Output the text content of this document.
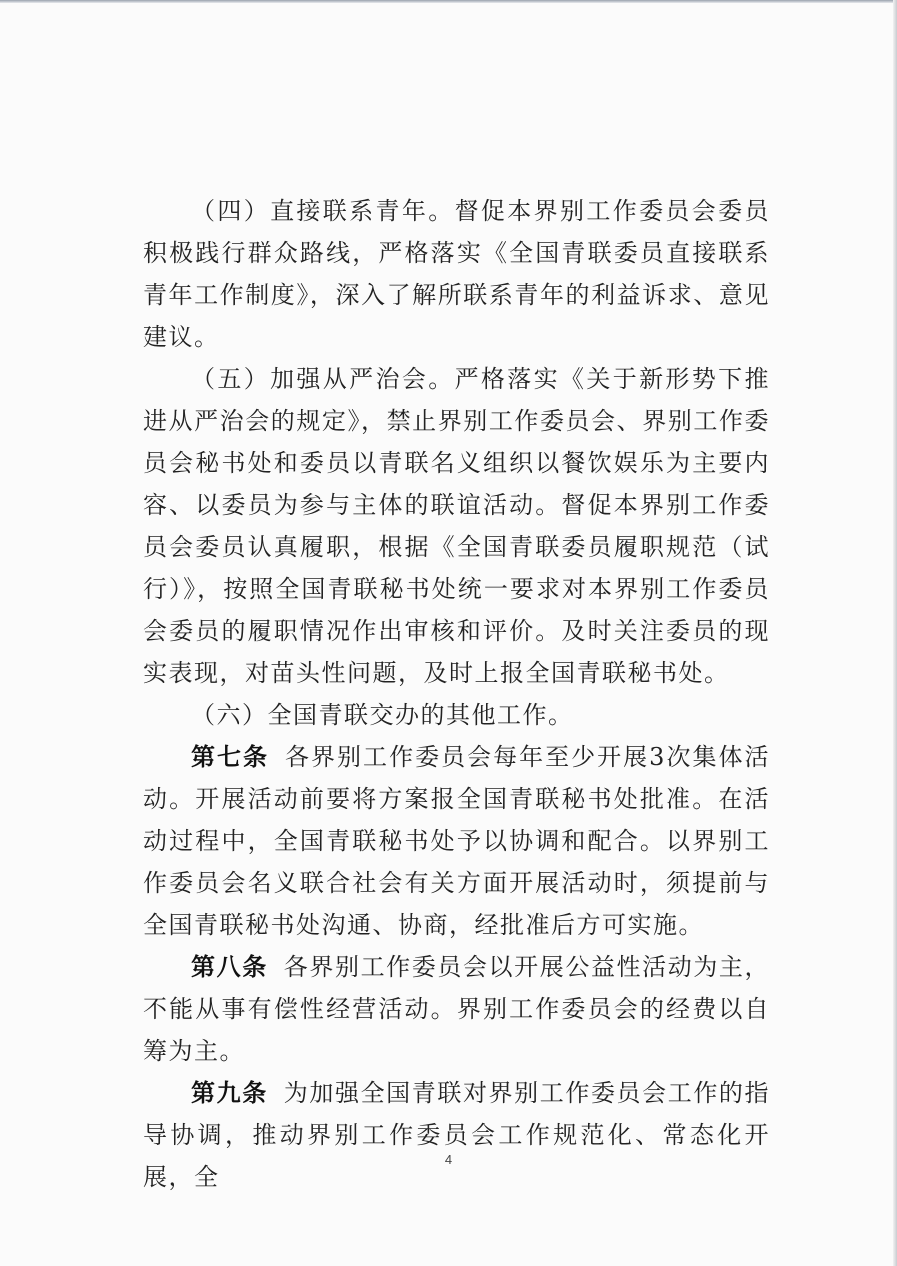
（四）直接联系青年。督促本界别工作委员会委员积极践行群众路线，严格落实《全国青联委员直接联系青年工作制度》，深入了解所联系青年的利益诉求、意见建议。

（五）加强从严治会。严格落实《关于新形势下推进从严治会的规定》，禁止界别工作委员会、界别工作委员会秘书处和委员以青联名义组织以餐饮娱乐为主要内容、以委员为参与主体的联谊活动。督促本界别工作委员会委员认真履职，根据《全国青联委员履职规范（试行）》，按照全国青联秘书处统一要求对本界别工作委员会委员的履职情况作出审核和评价。及时关注委员的现实表现，对苗头性问题，及时上报全国青联秘书处。

（六）全国青联交办的其他工作。

第七条 各界别工作委员会每年至少开展3次集体活动。开展活动前要将方案报全国青联秘书处批准。在活动过程中，全国青联秘书处予以协调和配合。以界别工作委员会名义联合社会有关方面开展活动时，须提前与全国青联秘书处沟通、协商，经批准后方可实施。

第八条 各界别工作委员会以开展公益性活动为主，不能从事有偿性经营活动。界别工作委员会的经费以自筹为主。

第九条 为加强全国青联对界别工作委员会工作的指导协调，推动界别工作委员会工作规范化、常态化开展，全

4
